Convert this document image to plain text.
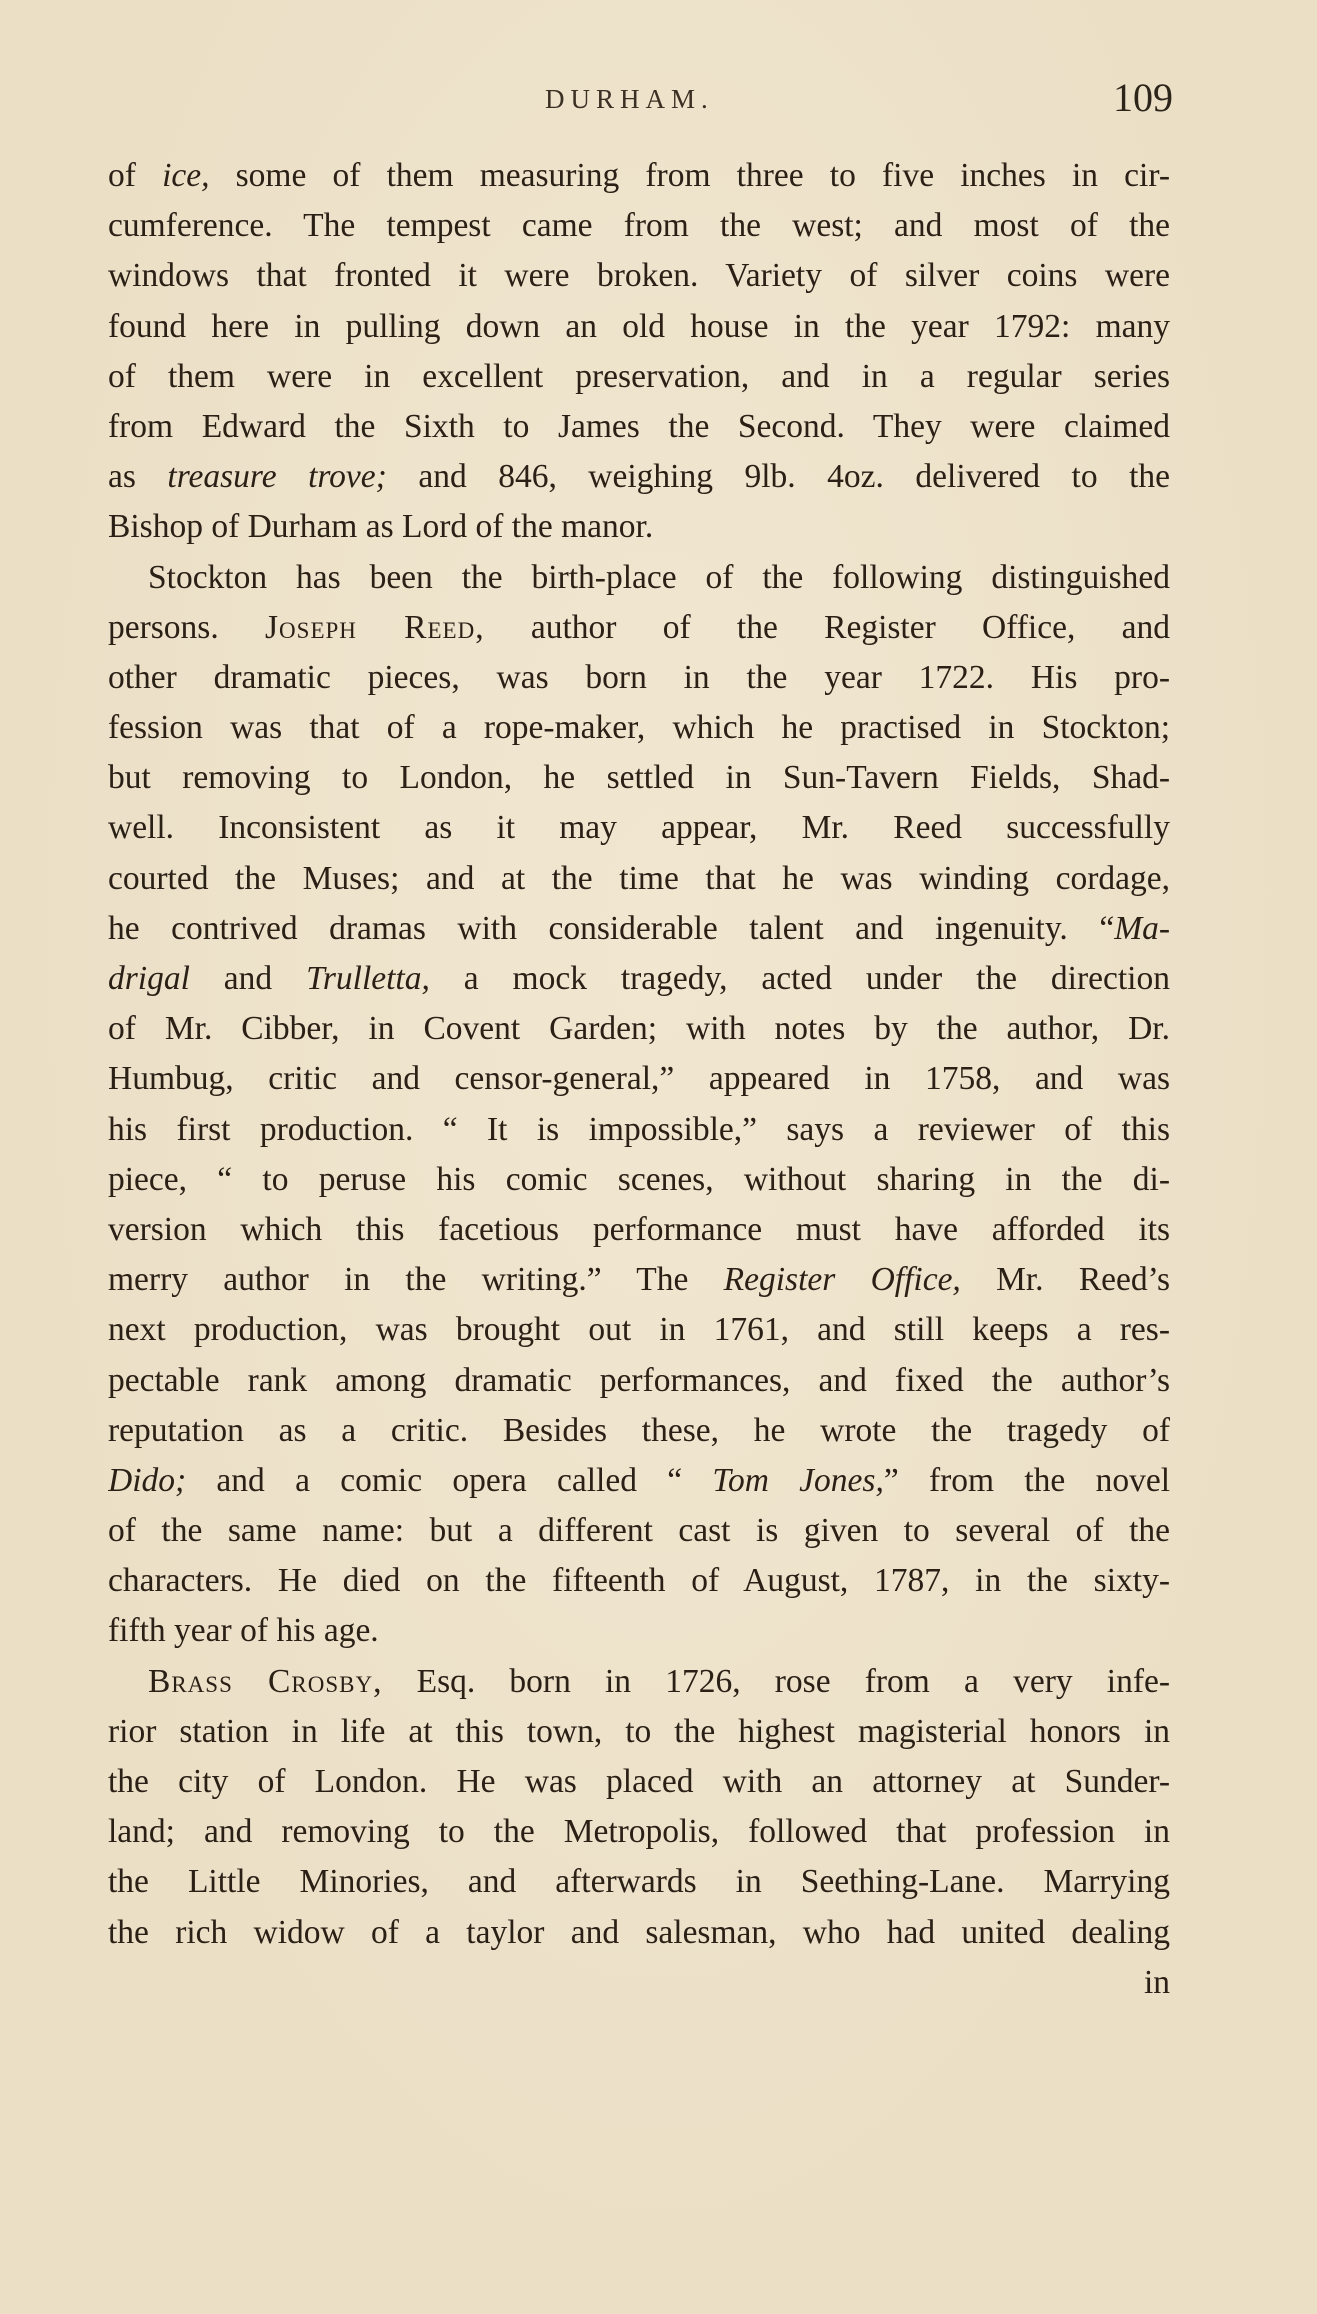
DURHAM.	109
of ice, some of them measuring from three to five inches in cir-
cumference. The tempest came from the west; and most of the
windows that fronted it were broken. Variety of silver coins were
found here in pulling down an old house in the year 1792: many
of them were in excellent preservation, and in a regular series
from Edward the Sixth to James the Second. They were claimed
as treasure trove; and 846, weighing 9lb. 4oz. delivered to the
Bishop of Durham as Lord of the manor.
Stockton has been the birth-place of the following distinguished
persons. Joseph Reed, author of the Register Office, and
other dramatic pieces, was born in the year 1722. His pro-
fession was that of a rope-maker, which he practised in Stockton;
but removing to London, he settled in Sun-Tavern Fields, Shad-
well. Inconsistent as it may appear, Mr. Reed successfully
courted the Muses; and at the time that he was winding cordage,
he contrived dramas with considerable talent and ingenuity. “Ma-
drigal and Trulletta, a mock tragedy, acted under the direction
of Mr. Cibber, in Covent Garden; with notes by the author, Dr.
Humbug, critic and censor-general,” appeared in 1758, and was
his first production. “ It is impossible,” says a reviewer of this
piece, “ to peruse his comic scenes, without sharing in the di-
version which this facetious performance must have afforded its
merry author in the writing.” The Register Office, Mr. Reed’s
next production, was brought out in 1761, and still keeps a res-
pectable rank among dramatic performances, and fixed the author’s
reputation as a critic. Besides these, he wrote the tragedy of
Dido; and a comic opera called “ Tom Jones,” from the novel
of the same name: but a different cast is given to several of the
characters. He died on the fifteenth of August, 1787, in the sixty-
fifth year of his age.
Brass Crosby, Esq. born in 1726, rose from a very infe-
rior station in life at this town, to the highest magisterial honors in
the city of London. He was placed with an attorney at Sunder-
land; and removing to the Metropolis, followed that profession in
the Little Minories, and afterwards in Seething-Lane. Marrying
the rich widow of a taylor and salesman, who had united dealing
in
